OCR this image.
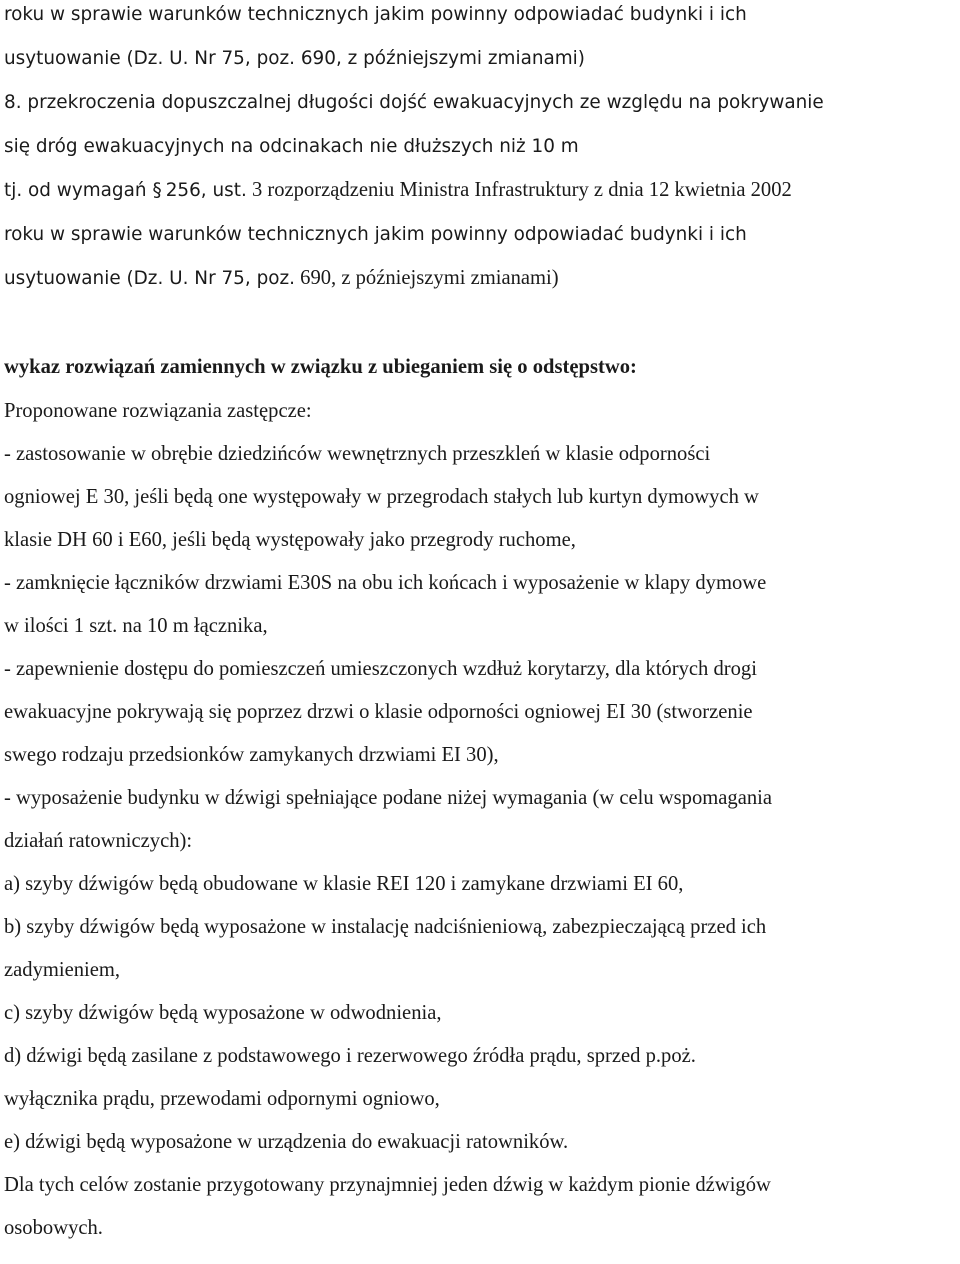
roku w sprawie warunków technicznych jakim powinny odpowiadać budynki i ich

usytuowanie (Dz. U. Nr 75, poz. 690, z późniejszymi zmianami)

8. przekroczenia dopuszczalnej długości dojść ewakuacyjnych ze względu na pokrywanie

się dróg ewakuacyjnych na odcinakach nie dłuższych niż 10 m

tj. od wymagań § 256, ust. 3 rozporządzeniu Ministra Infrastruktury z dnia 12 kwietnia 2002

roku w sprawie warunków technicznych jakim powinny odpowiadać budynki i ich

usytuowanie (Dz. U. Nr 75, poz. 690, z późniejszymi zmianami)

wykaz rozwiązań zamiennych w związku z ubieganiem się o odstępstwo:

Proponowane rozwiązania zastępcze:

- zastosowanie w obrębie dziedzińców wewnętrznych przeszkleń w klasie odporności

ogniowej E 30, jeśli będą one występowały w przegrodach stałych lub kurtyn dymowych w

klasie DH 60 i E60, jeśli będą występowały jako przegrody ruchome,

- zamknięcie łączników drzwiami E30S na obu ich końcach i wyposażenie w klapy dymowe

w ilości 1 szt. na 10 m łącznika,

- zapewnienie dostępu do pomieszczeń umieszczonych wzdłuż korytarzy, dla których drogi

ewakuacyjne pokrywają się poprzez drzwi o klasie odporności ogniowej EI 30 (stworzenie

swego rodzaju przedsionków zamykanych drzwiami EI 30),

- wyposażenie budynku w dźwigi spełniające podane niżej wymagania (w celu wspomagania

działań ratowniczych):

a) szyby dźwigów będą obudowane w klasie REI 120 i zamykane drzwiami EI 60,

b) szyby dźwigów będą wyposażone w instalację nadciśnieniową, zabezpieczającą przed ich

zadymieniem,

c) szyby dźwigów będą wyposażone w odwodnienia,

d) dźwigi będą zasilane z podstawowego i rezerwowego źródła prądu, sprzed p.poż.

wyłącznika prądu, przewodami odpornymi ogniowo,

e) dźwigi będą wyposażone w urządzenia do ewakuacji ratowników.

Dla tych celów zostanie przygotowany przynajmniej jeden dźwig w każdym pionie dźwigów

osobowych.
